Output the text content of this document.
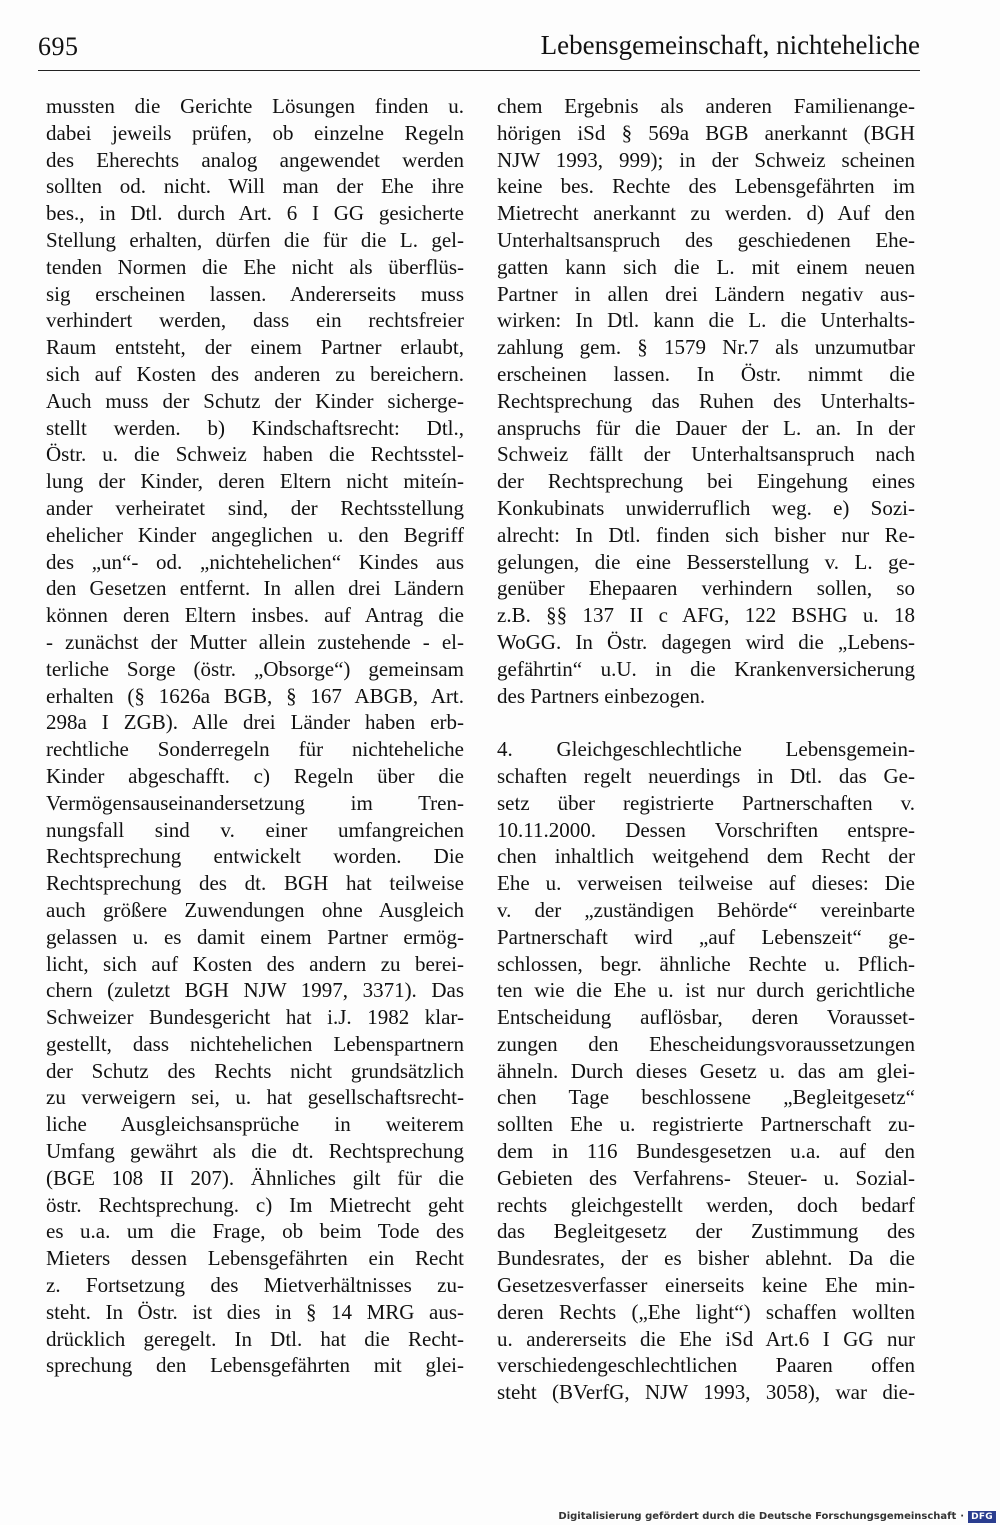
695	Lebensgemeinschaft, nichteheliche
mussten die Gerichte Lösungen finden u.
dabei jeweils prüfen, ob einzelne Regeln
des Eherechts analog angewendet werden
sollten od. nicht. Will man der Ehe ihre
bes., in Dtl. durch Art. 6 I GG gesicherte
Stellung erhalten, dürfen die für die L. gel-
tenden Normen die Ehe nicht als überflüs-
sig erscheinen lassen. Andererseits muss
verhindert werden, dass ein rechtsfreier
Raum entsteht, der einem Partner erlaubt,
sich auf Kosten des anderen zu bereichern.
Auch muss der Schutz der Kinder sicherge-
stellt werden. b) Kindschaftsrecht: Dtl.,
Östr. u. die Schweiz haben die Rechtsstel-
lung der Kinder, deren Eltern nicht miteín-
ander verheiratet sind, der Rechtsstellung
ehelicher Kinder angeglichen u. den Begriff
des „un“- od. „nichtehelichen“ Kindes aus
den Gesetzen entfernt. In allen drei Ländern
können deren Eltern insbes. auf Antrag die
- zunächst der Mutter allein zustehende - el-
terliche Sorge (östr. „Obsorge“) gemeinsam
erhalten (§ 1626a BGB, § 167 ABGB, Art.
298a I ZGB). Alle drei Länder haben erb-
rechtliche Sonderregeln für nichteheliche
Kinder abgeschafft. c) Regeln über die
Vermögensauseinandersetzung im Tren-
nungsfall sind v. einer umfangreichen
Rechtsprechung entwickelt worden. Die
Rechtsprechung des dt. BGH hat teilweise
auch größere Zuwendungen ohne Ausgleich
gelassen u. es damit einem Partner ermög-
licht, sich auf Kosten des andern zu berei-
chern (zuletzt BGH NJW 1997, 3371). Das
Schweizer Bundesgericht hat i.J. 1982 klar-
gestellt, dass nichtehelichen Lebenspartnern
der Schutz des Rechts nicht grundsätzlich
zu verweigern sei, u. hat gesellschaftsrecht-
liche Ausgleichsansprüche in weiterem
Umfang gewährt als die dt. Rechtsprechung
(BGE 108 II 207). Ähnliches gilt für die
östr. Rechtsprechung. c) Im Mietrecht geht
es u.a. um die Frage, ob beim Tode des
Mieters dessen Lebensgefährten ein Recht
z. Fortsetzung des Mietverhältnisses zu-
steht. In Östr. ist dies in § 14 MRG aus-
drücklich geregelt. In Dtl. hat die Recht-
sprechung den Lebensgefährten mit glei-
chem Ergebnis als anderen Familienange-
hörigen iSd § 569a BGB anerkannt (BGH
NJW 1993, 999); in der Schweiz scheinen
keine bes. Rechte des Lebensgefährten im
Mietrecht anerkannt zu werden. d) Auf den
Unterhaltsanspruch des geschiedenen Ehe-
gatten kann sich die L. mit einem neuen
Partner in allen drei Ländern negativ aus-
wirken: In Dtl. kann die L. die Unterhalts-
zahlung gem. § 1579 Nr.7 als unzumutbar
erscheinen lassen. In Östr. nimmt die
Rechtsprechung das Ruhen des Unterhalts-
anspruchs für die Dauer der L. an. In der
Schweiz fällt der Unterhaltsanspruch nach
der Rechtsprechung bei Eingehung eines
Konkubinats unwiderruflich weg. e) Sozi-
alrecht: In Dtl. finden sich bisher nur Re-
gelungen, die eine Besserstellung v. L. ge-
genüber Ehepaaren verhindern sollen, so
z.B. §§ 137 II c AFG, 122 BSHG u. 18
WoGG. In Östr. dagegen wird die „Lebens-
gefährtin“ u.U. in die Krankenversicherung
des Partners einbezogen.
4. Gleichgeschlechtliche Lebensgemein-
schaften regelt neuerdings in Dtl. das Ge-
setz über registrierte Partnerschaften v.
10.11.2000. Dessen Vorschriften entspre-
chen inhaltlich weitgehend dem Recht der
Ehe u. verweisen teilweise auf dieses: Die
v. der „zuständigen Behörde“ vereinbarte
Partnerschaft wird „auf Lebenszeit“ ge-
schlossen, begr. ähnliche Rechte u. Pflich-
ten wie die Ehe u. ist nur durch gerichtliche
Entscheidung auflösbar, deren Vorausset-
zungen den Ehescheidungsvoraussetzungen
ähneln. Durch dieses Gesetz u. das am glei-
chen Tage beschlossene „Begleitgesetz“
sollten Ehe u. registrierte Partnerschaft zu-
dem in 116 Bundesgesetzen u.a. auf den
Gebieten des Verfahrens- Steuer- u. Sozial-
rechts gleichgestellt werden, doch bedarf
das Begleitgesetz der Zustimmung des
Bundesrates, der es bisher ablehnt. Da die
Gesetzesverfasser einerseits keine Ehe min-
deren Rechts („Ehe light“) schaffen wollten
u. andererseits die Ehe iSd Art.6 I GG nur
verschiedengeschlechtlichen Paaren offen
steht (BVerfG, NJW 1993, 3058), war die-
Digitalisierung gefördert durch die Deutsche Forschungsgemeinschaft · DFG
